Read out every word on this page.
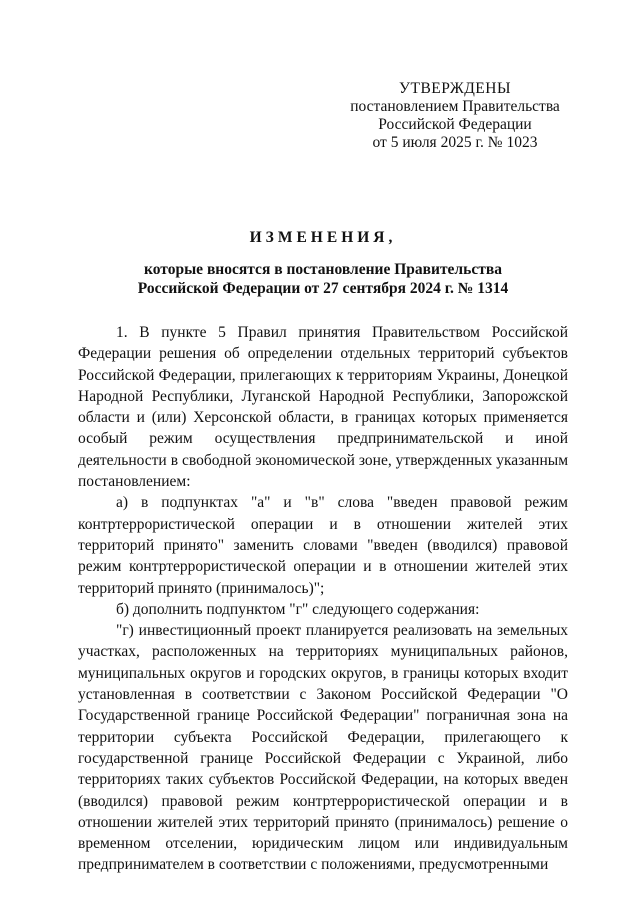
УТВЕРЖДЕНЫ
постановлением Правительства
Российской Федерации
от 5 июля 2025 г. № 1023
ИЗМЕНЕНИЯ,
которые вносятся в постановление Правительства
Российской Федерации от 27 сентября 2024 г. № 1314

1. В пункте 5 Правил принятия Правительством Российской Федерации решения об определении отдельных территорий субъектов Российской Федерации, прилегающих к территориям Украины, Донецкой Народной Республики, Луганской Народной Республики, Запорожской области и (или) Херсонской области, в границах которых применяется особый режим осуществления предпринимательской и иной деятельности в свободной экономической зоне, утвержденных указанным постановлением:

а) в подпунктах "а" и "в" слова "введен правовой режим контртеррористической операции и в отношении жителей этих территорий принято" заменить словами "введен (вводился) правовой режим контртеррористической операции и в отношении жителей этих территорий принято (принималось)";

б) дополнить подпунктом "г" следующего содержания:

"г) инвестиционный проект планируется реализовать на земельных участках, расположенных на территориях муниципальных районов, муниципальных округов и городских округов, в границы которых входит установленная в соответствии с Законом Российской Федерации "О Государственной границе Российской Федерации" пограничная зона на территории субъекта Российской Федерации, прилегающего к государственной границе Российской Федерации с Украиной, либо территориях таких субъектов Российской Федерации, на которых введен (вводился) правовой режим контртеррористической операции и в отношении жителей этих территорий принято (принималось) решение о временном отселении, юридическим лицом или индивидуальным предпринимателем в соответствии с положениями, предусмотренными
